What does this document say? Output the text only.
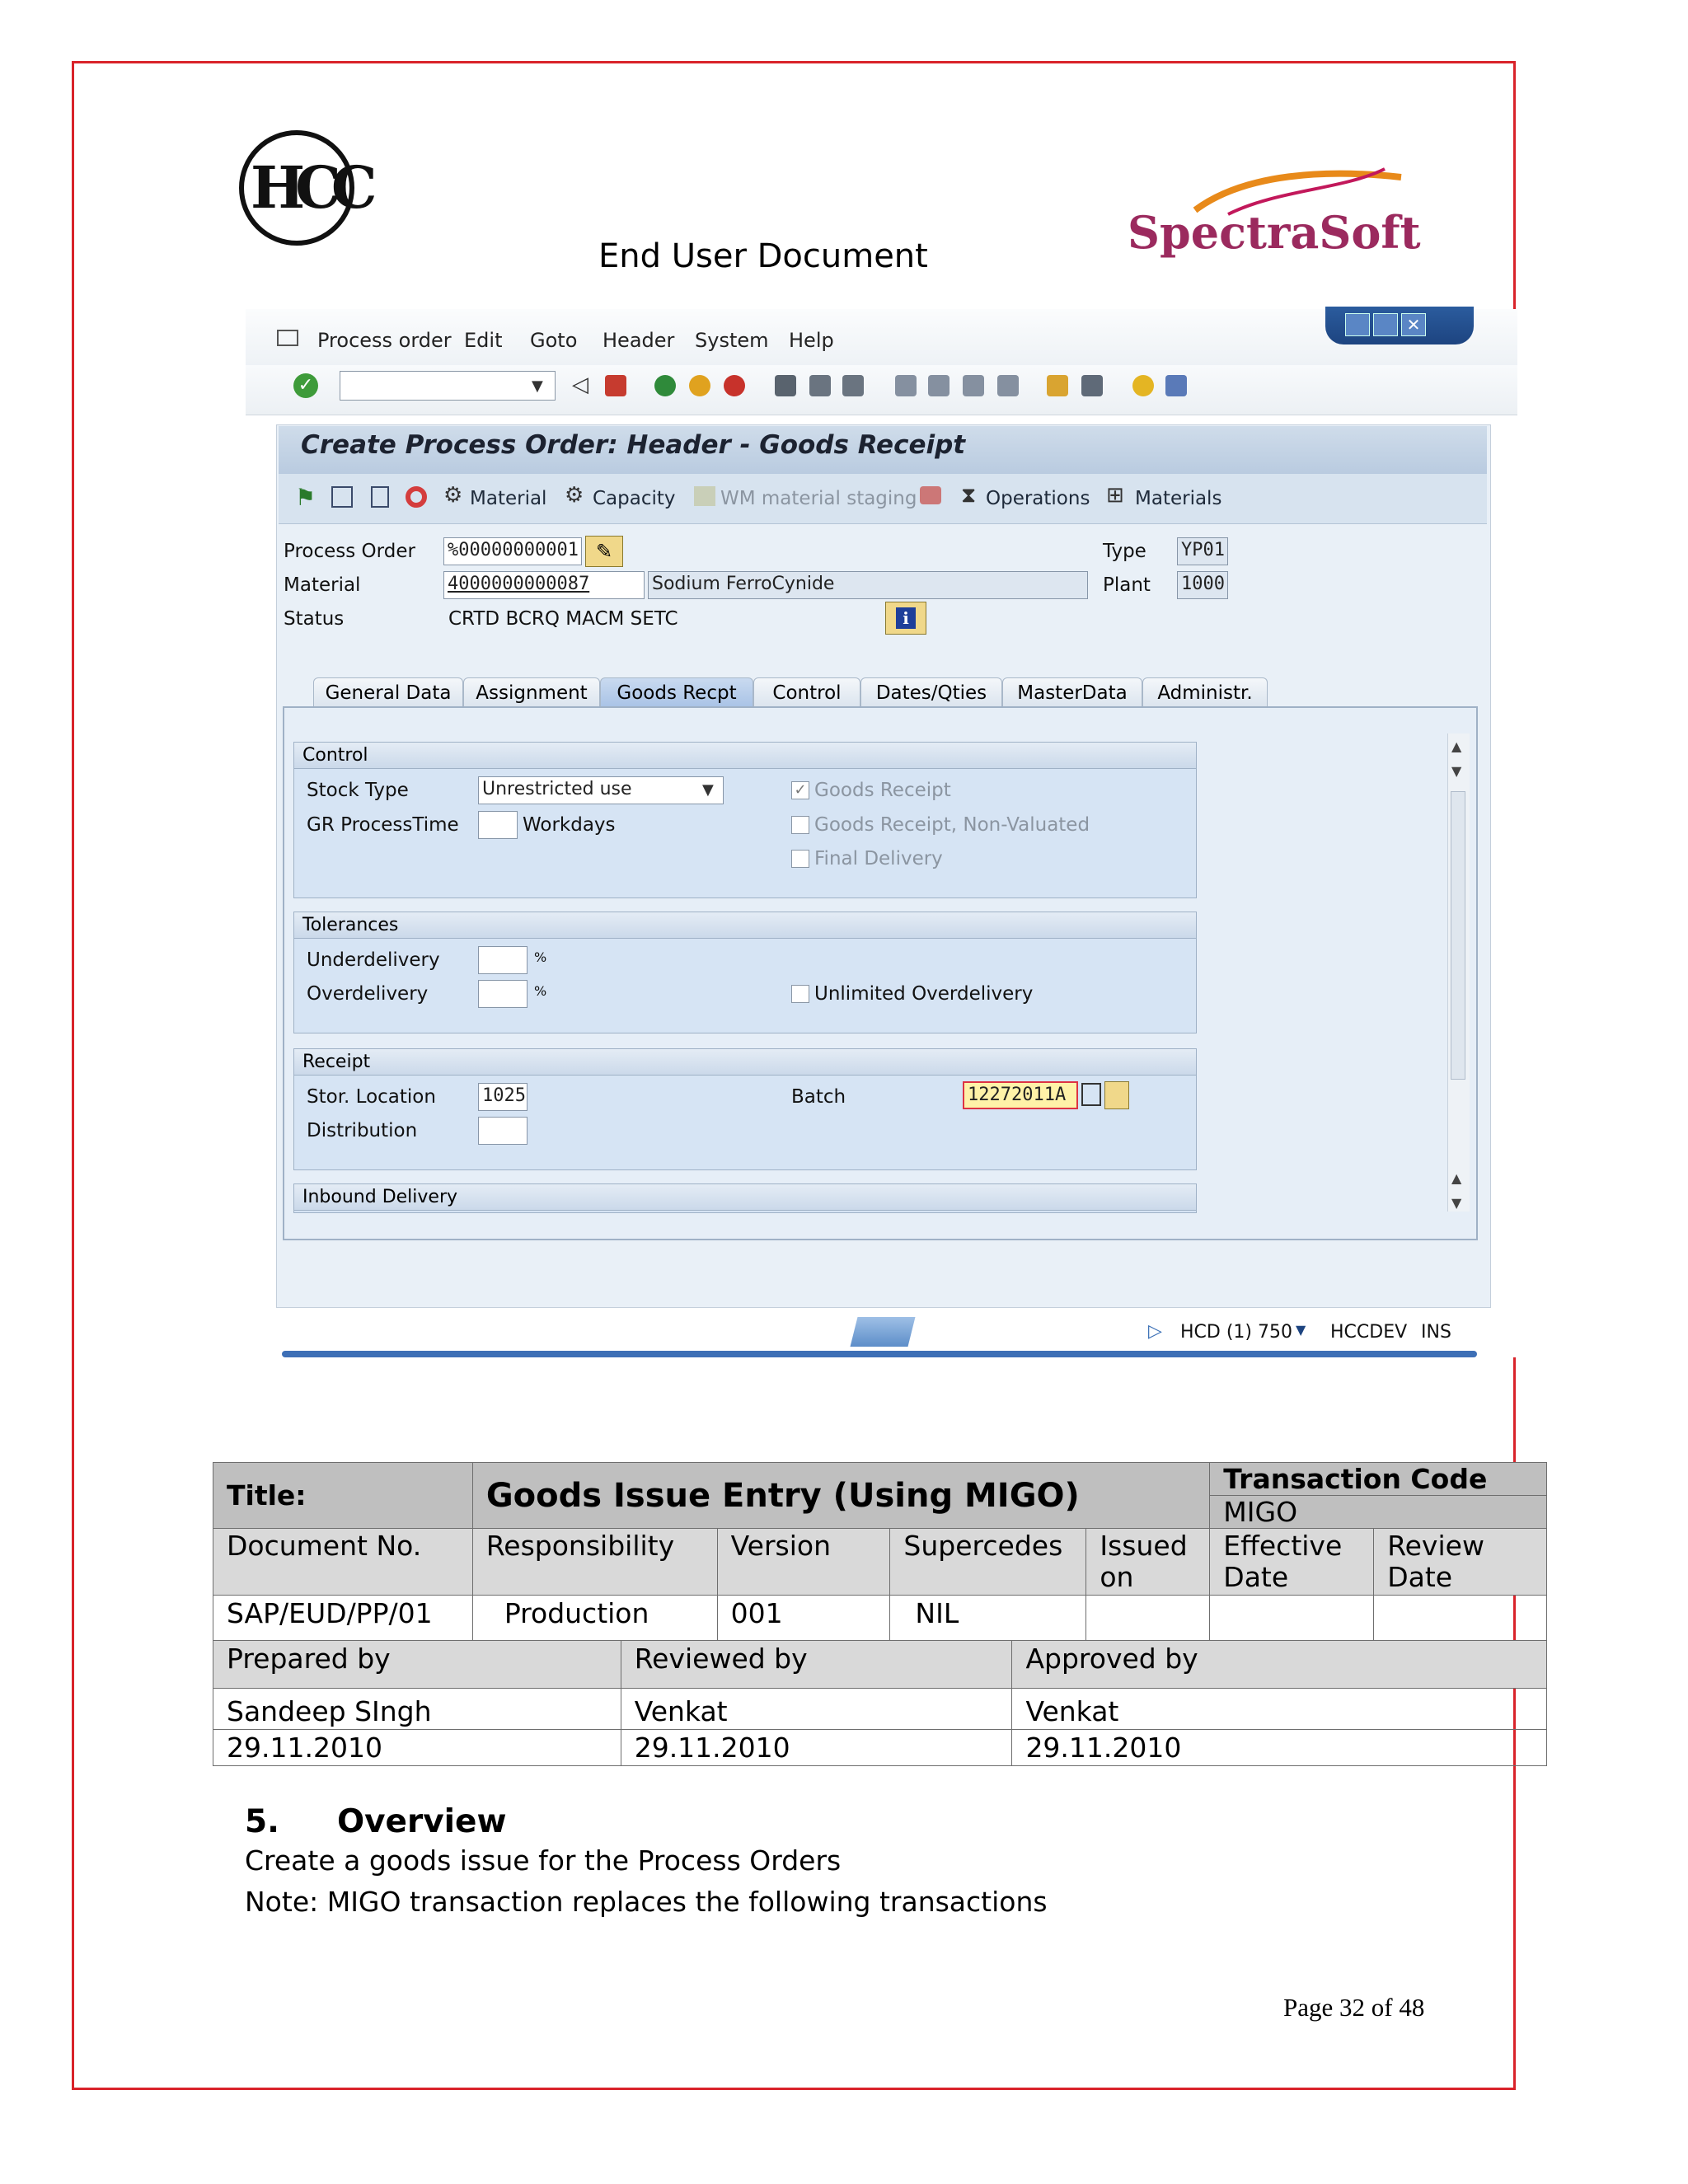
HCC
End User Document	SpectraSoft
Process order Edit Goto Header System Help
✕
✓	▼ ◁
Create Process Order: Header - Goods Receipt
⚑	⚙ Material ⚙ Capacity WM material staging ⧗ Operations ⊞ Materials
Process Order %00000000001 ✎
Material	4000000000087	Sodium FerroCynide
Status	CRTD BCRQ MACM SETC	i
Type YP01
Plant 1000
General Data	Assignment	Goods Recpt	Control	Dates/Qties	MasterData	Administr.
Control
Stock Type	Unrestricted use	▼
GR ProcessTime	Workdays
✓ Goods Receipt
Goods Receipt, Non-Valuated
Final Delivery
Tolerances
Underdelivery	%
Overdelivery	%	Unlimited Overdelivery
Receipt
Stor. Location	1025
Distribution
Batch	12272011A
Inbound Delivery
▲
▼
▲
▼
▷ HCD (1) 750 ▼ HCCDEV INS
Title:	Goods Issue Entry (Using MIGO)				Transaction Code	
					MIGO	
Document No.	Responsibility	Version	Supercedes	Issued on	Effective Date	Review Date
SAP/EUD/PP/01	Production	001	NIL			
Prepared by	Reviewed by	Approved by
Sandeep SIngh	Venkat	Venkat
29.11.2010	29.11.2010	29.11.2010
5. Overview
Create a goods issue for the Process Orders
Note: MIGO transaction replaces the following transactions
Page 32 of 48
